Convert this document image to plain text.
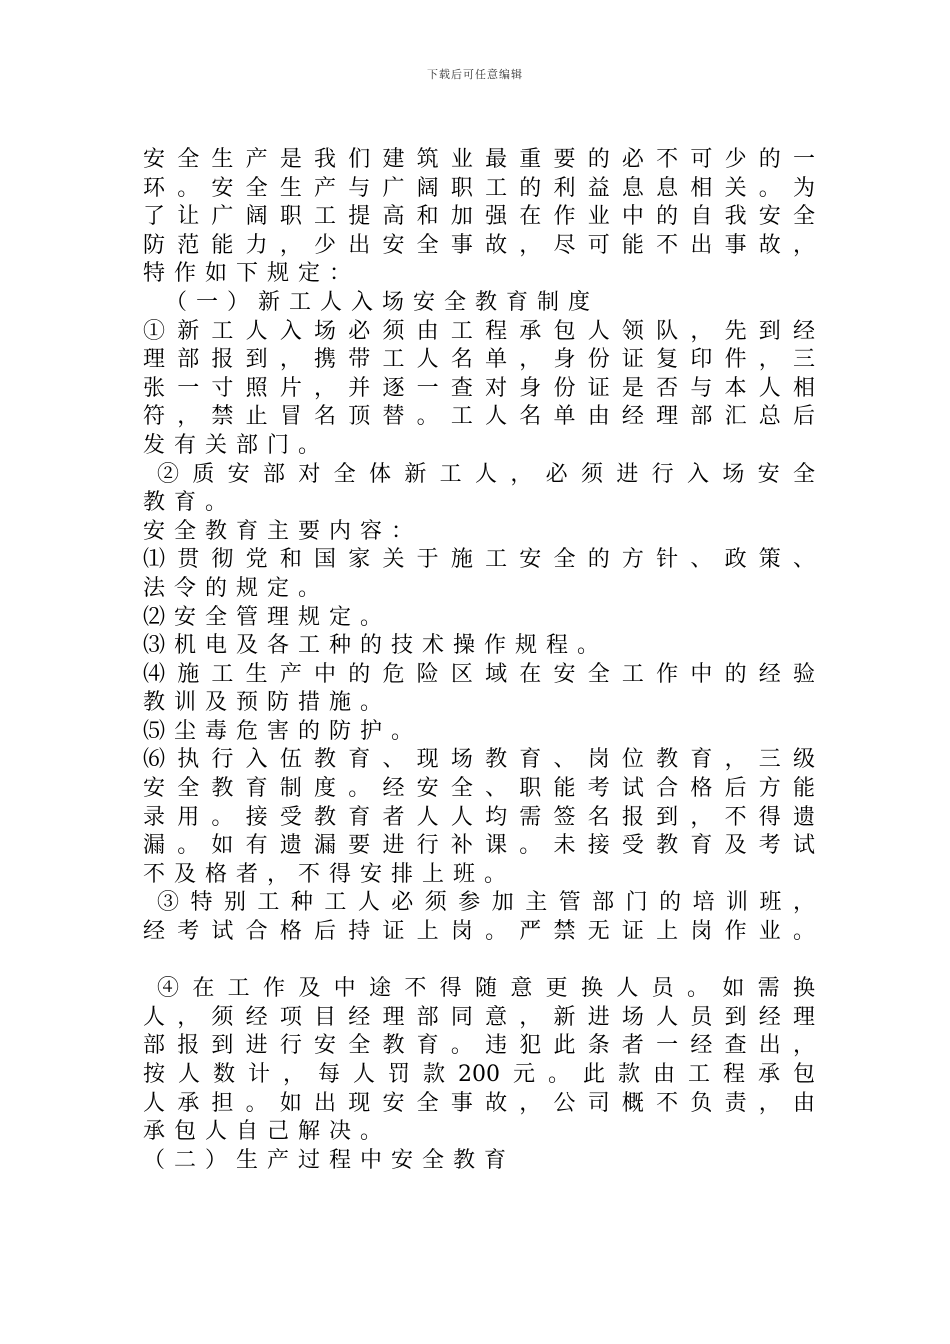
下载后可任意编辑
安全生产是我们建筑业最重要的必不可少的一
环。安全生产与广阔职工的利益息息相关。为
了让广阔职工提高和加强在作业中的自我安全
防范能力，少出安全事故，尽可能不出事故，
特作如下规定：
（一）新工人入场安全教育制度
①新工人入场必须由工程承包人领队，先到经
理部报到，携带工人名单，身份证复印件，三
张一寸照片，并逐一查对身份证是否与本人相
符，禁止冒名顶替。工人名单由经理部汇总后
发有关部门。
②质安部对全体新工人，必须进行入场安全
教育。
安全教育主要内容：
⑴贯彻党和国家关于施工安全的方针、政策、
法令的规定。
⑵安全管理规定。
⑶机电及各工种的技术操作规程。
⑷施工生产中的危险区域在安全工作中的经验
教训及预防措施。
⑸尘毒危害的防护。
⑹执行入伍教育、现场教育、岗位教育，三级
安全教育制度。经安全、职能考试合格后方能
录用。接受教育者人人均需签名报到，不得遗
漏。如有遗漏要进行补课。未接受教育及考试
不及格者，不得安排上班。
③特别工种工人必须参加主管部门的培训班，
经考试合格后持证上岗。严禁无证上岗作业。
④在工作及中途不得随意更换人员。如需换
人，须经项目经理部同意，新进场人员到经理
部报到进行安全教育。违犯此条者一经查出，
按人数计，每人罚款200元。此款由工程承包
人承担。如出现安全事故，公司概不负责，由
承包人自己解决。
（二）生产过程中安全教育
